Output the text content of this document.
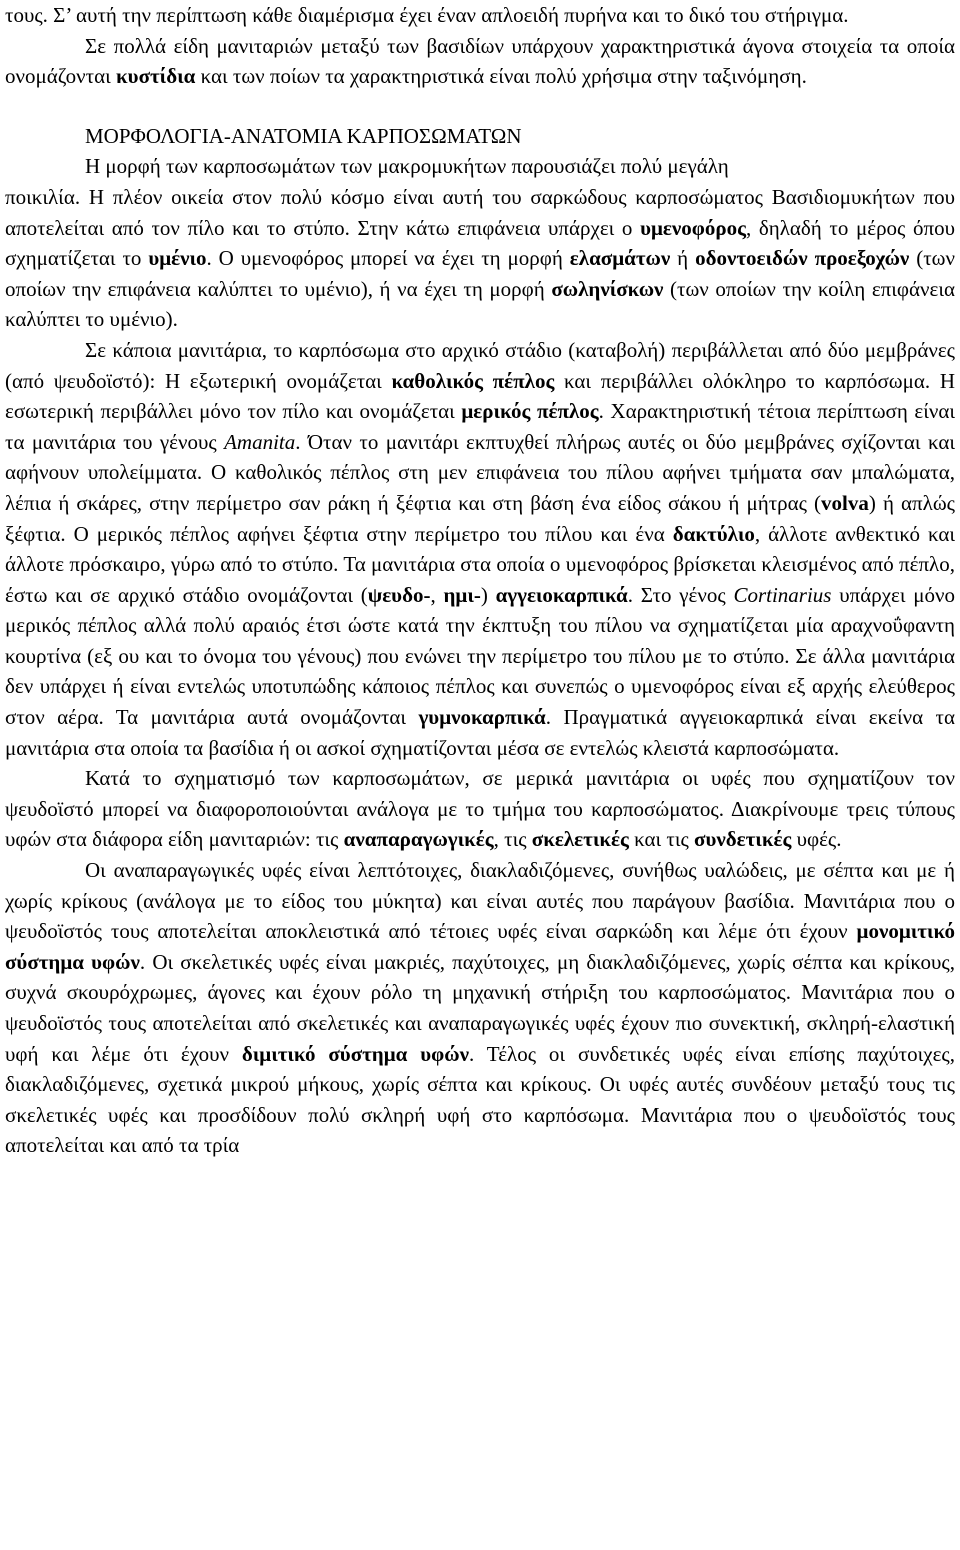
τους. Σ’ αυτή την περίπτωση κάθε διαμέρισμα έχει έναν απλοειδή πυρήνα και το δικό του στήριγμα.

Σε πολλά είδη μανιταριών μεταξύ των βασιδίων υπάρχουν χαρακτηριστικά άγονα στοιχεία τα οποία ονομάζονται κυστίδια και των ποίων τα χαρακτηριστικά είναι πολύ χρήσιμα στην ταξινόμηση.

ΜΟΡΦΟΛΟΓΙΑ-ΑΝΑΤΟΜΙΑ ΚΑΡΠΟΣΩΜΑΤΩΝ

Η μορφή των καρποσωμάτων των μακρομυκήτων παρουσιάζει πολύ μεγάλη
ποικιλία. Η πλέον οικεία στον πολύ κόσμο είναι αυτή του σαρκώδους καρποσώματος Βασιδιομυκήτων που αποτελείται από τον πίλο και το στύπο. Στην κάτω επιφάνεια υπάρχει ο υμενοφόρος, δηλαδή το μέρος όπου σχηματίζεται το υμένιο. Ο υμενοφόρος μπορεί να έχει τη μορφή ελασμάτων ή οδοντοειδών προεξοχών (των οποίων την επιφάνεια καλύπτει το υμένιο), ή να έχει τη μορφή σωληνίσκων (των οποίων την κοίλη επιφάνεια καλύπτει το υμένιο).

Σε κάποια μανιτάρια, το καρπόσωμα στο αρχικό στάδιο (καταβολή) περιβάλλεται από δύο μεμβράνες (από ψευδοϊστό): Η εξωτερική ονομάζεται καθολικός πέπλος και περιβάλλει ολόκληρο το καρπόσωμα. Η εσωτερική περιβάλλει μόνο τον πίλο και ονομάζεται μερικός πέπλος. Χαρακτηριστική τέτοια περίπτωση είναι τα μανιτάρια του γένους Amanita. Όταν το μανιτάρι εκπτυχθεί πλήρως αυτές οι δύο μεμβράνες σχίζονται και αφήνουν υπολείμματα. Ο καθολικός πέπλος στη μεν επιφάνεια του πίλου αφήνει τμήματα σαν μπαλώματα, λέπια ή σκάρες, στην περίμετρο σαν ράκη ή ξέφτια και στη βάση ένα είδος σάκου ή μήτρας (volva) ή απλώς ξέφτια. Ο μερικός πέπλος αφήνει ξέφτια στην περίμετρο του πίλου και ένα δακτύλιο, άλλοτε ανθεκτικό και άλλοτε πρόσκαιρο, γύρω από το στύπο. Τα μανιτάρια στα οποία ο υμενοφόρος βρίσκεται κλεισμένος από πέπλο, έστω και σε αρχικό στάδιο ονομάζονται (ψευδο-, ημι-) αγγειοκαρπικά. Στο γένος Cortinarius υπάρχει μόνο μερικός πέπλος αλλά πολύ αραιός έτσι ώστε κατά την έκπτυξη του πίλου να σχηματίζεται μία αραχνοΰφαντη κουρτίνα (εξ ου και το όνομα του γένους) που ενώνει την περίμετρο του πίλου με το στύπο. Σε άλλα μανιτάρια δεν υπάρχει ή είναι εντελώς υποτυπώδης κάποιος πέπλος και συνεπώς ο υμενοφόρος είναι εξ αρχής ελεύθερος στον αέρα. Τα μανιτάρια αυτά ονομάζονται γυμνοκαρπικά. Πραγματικά αγγειοκαρπικά είναι εκείνα τα μανιτάρια στα οποία τα βασίδια ή οι ασκοί σχηματίζονται μέσα σε εντελώς κλειστά καρποσώματα.

Κατά το σχηματισμό των καρποσωμάτων, σε μερικά μανιτάρια οι υφές που σχηματίζουν τον ψευδοϊστό μπορεί να διαφοροποιούνται ανάλογα με το τμήμα του καρποσώματος. Διακρίνουμε τρεις τύπους υφών στα διάφορα είδη μανιταριών: τις αναπαραγωγικές, τις σκελετικές και τις συνδετικές υφές.

Οι αναπαραγωγικές υφές είναι λεπτότοιχες, διακλαδιζόμενες, συνήθως υαλώδεις, με σέπτα και με ή χωρίς κρίκους (ανάλογα με το είδος του μύκητα) και είναι αυτές που παράγουν βασίδια. Μανιτάρια που ο ψευδοϊστός τους αποτελείται αποκλειστικά από τέτοιες υφές είναι σαρκώδη και λέμε ότι έχουν μονομιτικό σύστημα υφών. Οι σκελετικές υφές είναι μακριές, παχύτοιχες, μη διακλαδιζόμενες, χωρίς σέπτα και κρίκους, συχνά σκουρόχρωμες, άγονες και έχουν ρόλο τη μηχανική στήριξη του καρποσώματος. Μανιτάρια που ο ψευδοϊστός τους αποτελείται από σκελετικές και αναπαραγωγικές υφές έχουν πιο συνεκτική, σκληρή-ελαστική υφή και λέμε ότι έχουν διμιτικό σύστημα υφών. Τέλος οι συνδετικές υφές είναι επίσης παχύτοιχες, διακλαδιζόμενες, σχετικά μικρού μήκους, χωρίς σέπτα και κρίκους. Οι υφές αυτές συνδέουν μεταξύ τους τις σκελετικές υφές και προσδίδουν πολύ σκληρή υφή στο καρπόσωμα. Μανιτάρια που ο ψευδοϊστός τους αποτελείται και από τα τρία
